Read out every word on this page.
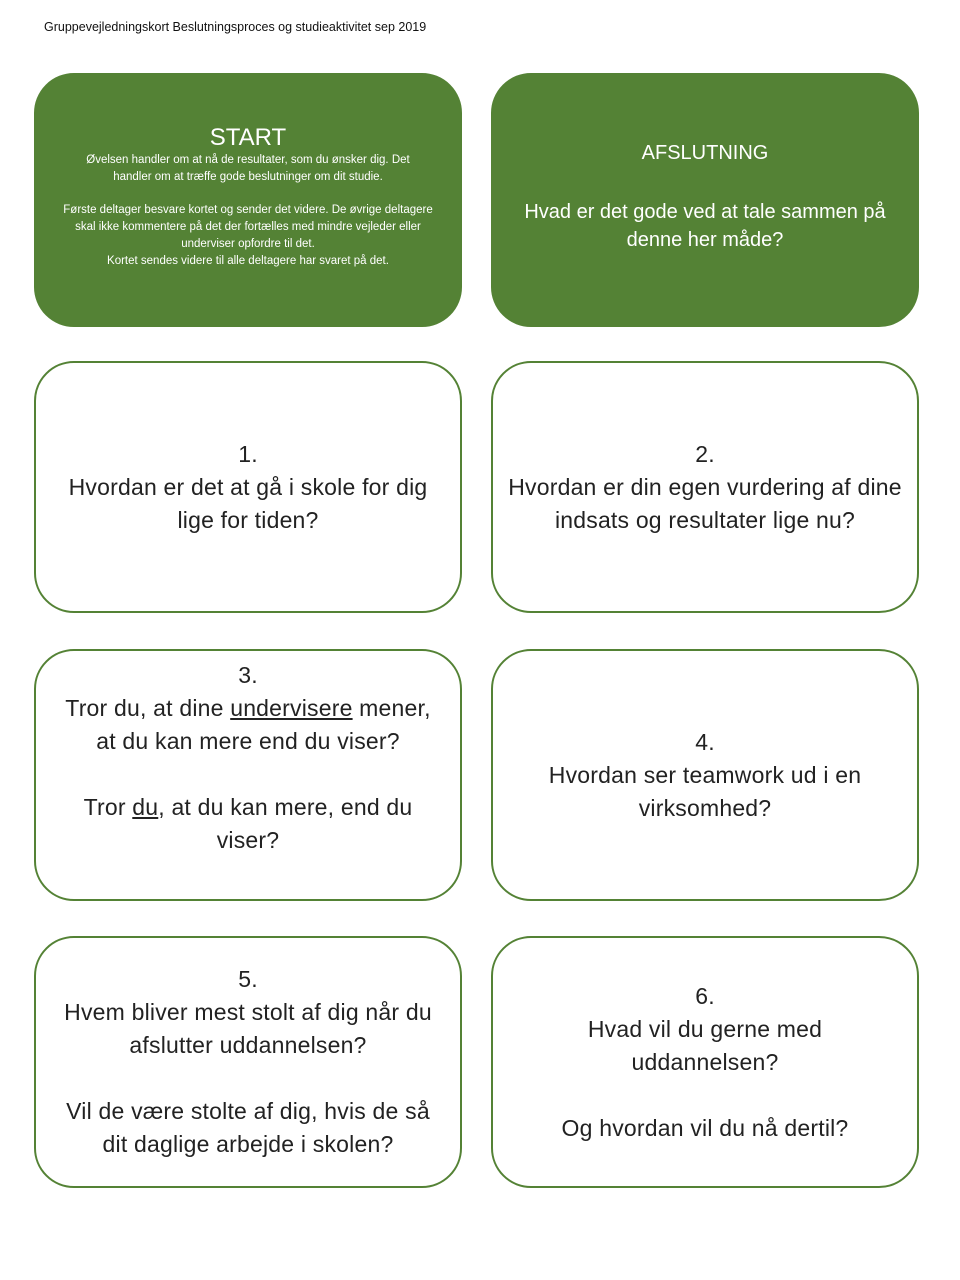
Gruppevejledningskort Beslutningsproces og studieaktivitet sep 2019
START
Øvelsen handler om at nå de resultater, som du ønsker dig. Det handler om at træffe gode beslutninger om dit studie.
Første deltager besvare kortet og sender det videre. De øvrige deltagere skal ikke kommentere på det der fortælles med mindre vejleder eller underviser opfordre til det.
Kortet sendes videre til alle deltagere har svaret på det.
AFSLUTNING
Hvad er det gode ved at tale sammen på denne her måde?
1.
Hvordan er det at gå i skole for dig lige for tiden?
2.
Hvordan er din egen vurdering af dine indsats og resultater lige nu?
3.
Tror du, at dine undervisere mener, at du kan mere end du viser?
Tror du, at du kan mere, end du viser?
4.
Hvordan ser teamwork ud i en virksomhed?
5.
Hvem bliver mest stolt af dig når du afslutter uddannelsen?
Vil de være stolte af dig, hvis de så dit daglige arbejde i skolen?
6.
Hvad vil du gerne med uddannelsen?
Og hvordan vil du nå dertil?
